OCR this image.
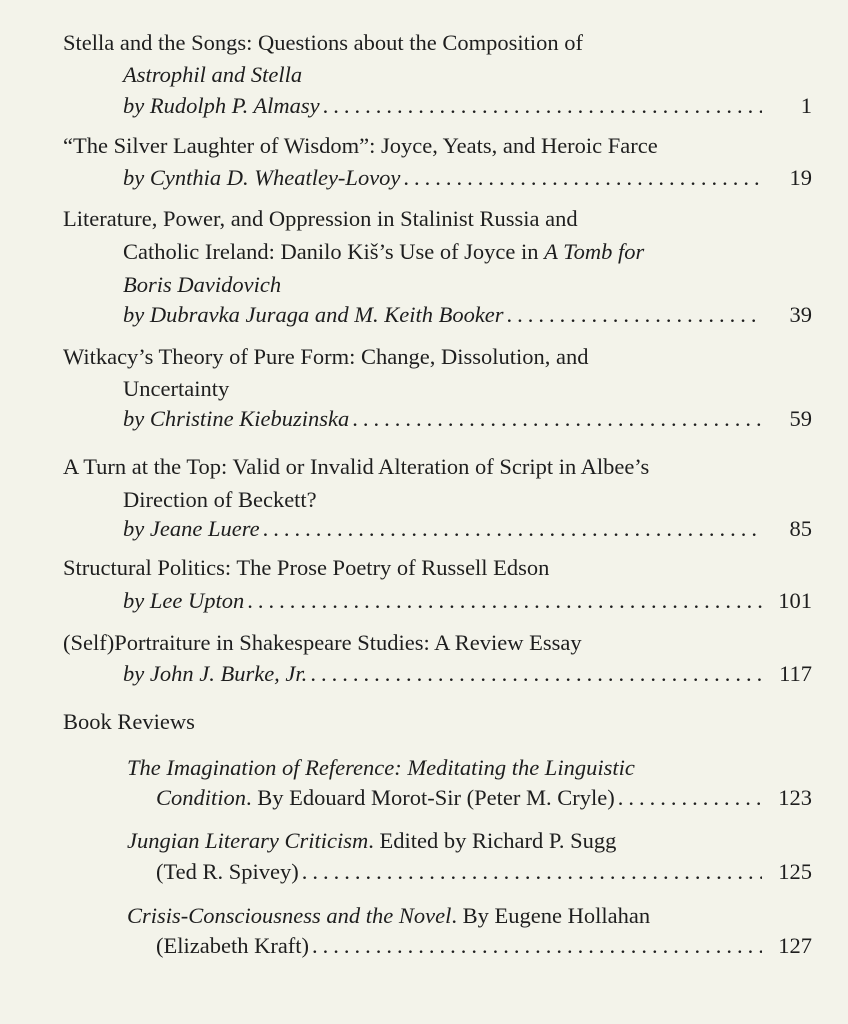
Stella and the Songs: Questions about the Composition of
Astrophil and Stella
by Rudolph P. Almasy .....	1
“The Silver Laughter of Wisdom”: Joyce, Yeats, and Heroic Farce
by Cynthia D. Wheatley-Lovoy .....	19
Literature, Power, and Oppression in Stalinist Russia and
Catholic Ireland: Danilo Kiš’s Use of Joyce in A Tomb for
Boris Davidovich
by Dubravka Juraga and M. Keith Booker .....	39
Witkacy’s Theory of Pure Form: Change, Dissolution, and
Uncertainty
by Christine Kiebuzinska .....	59
A Turn at the Top: Valid or Invalid Alteration of Script in Albee’s
Direction of Beckett?
by Jeane Luere .....	85
Structural Politics: The Prose Poetry of Russell Edson
by Lee Upton .....	101
(Self)Portraiture in Shakespeare Studies: A Review Essay
by John J. Burke, Jr. .....	117
Book Reviews
The Imagination of Reference: Meditating the Linguistic
Condition. By Edouard Morot-Sir (Peter M. Cryle) .....	123
Jungian Literary Criticism. Edited by Richard P. Sugg
(Ted R. Spivey) .....	125
Crisis-Consciousness and the Novel. By Eugene Hollahan
(Elizabeth Kraft) .....	127
